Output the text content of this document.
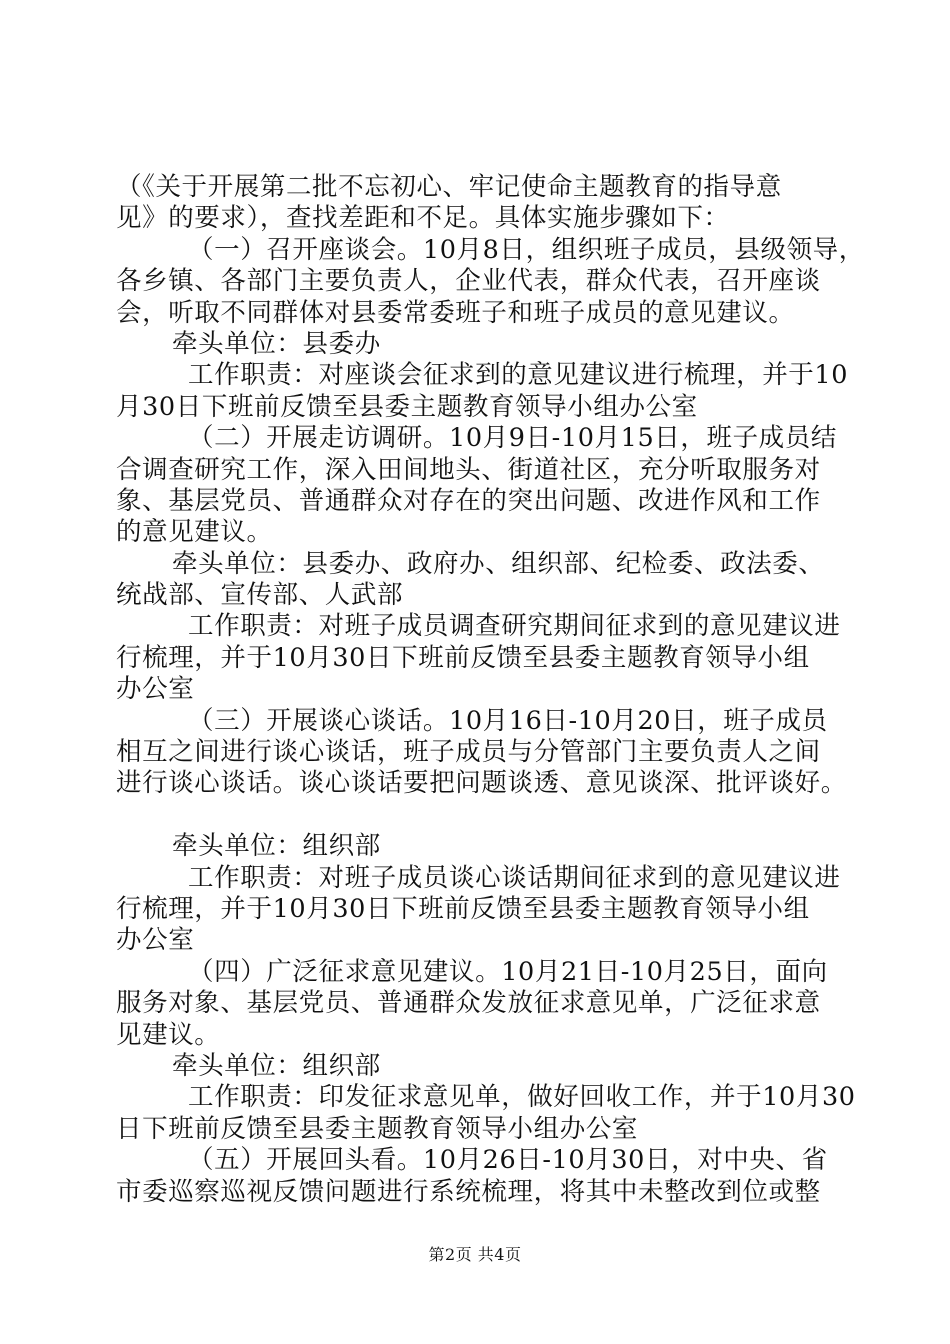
（《关于开展第二批不忘初心、牢记使命主题教育的指导意
见》的要求），查找差距和不足。具体实施步骤如下：
（一）召开座谈会。10月8日，组织班子成员，县级领导，
各乡镇、各部门主要负责人，企业代表，群众代表，召开座谈
会，听取不同群体对县委常委班子和班子成员的意见建议。
牵头单位：县委办
工作职责：对座谈会征求到的意见建议进行梳理，并于10
月30日下班前反馈至县委主题教育领导小组办公室
（二）开展走访调研。10月9日-10月15日，班子成员结
合调查研究工作，深入田间地头、街道社区，充分听取服务对
象、基层党员、普通群众对存在的突出问题、改进作风和工作
的意见建议。
牵头单位：县委办、政府办、组织部、纪检委、政法委、
统战部、宣传部、人武部
工作职责：对班子成员调查研究期间征求到的意见建议进
行梳理，并于10月30日下班前反馈至县委主题教育领导小组
办公室
（三）开展谈心谈话。10月16日-10月20日，班子成员
相互之间进行谈心谈话，班子成员与分管部门主要负责人之间
进行谈心谈话。谈心谈话要把问题谈透、意见谈深、批评谈好。
牵头单位：组织部
工作职责：对班子成员谈心谈话期间征求到的意见建议进
行梳理，并于10月30日下班前反馈至县委主题教育领导小组
办公室
（四）广泛征求意见建议。10月21日-10月25日，面向
服务对象、基层党员、普通群众发放征求意见单，广泛征求意
见建议。
牵头单位：组织部
工作职责：印发征求意见单，做好回收工作，并于10月30
日下班前反馈至县委主题教育领导小组办公室
（五）开展回头看。10月26日-10月30日，对中央、省
市委巡察巡视反馈问题进行系统梳理，将其中未整改到位或整
第2页 共4页
